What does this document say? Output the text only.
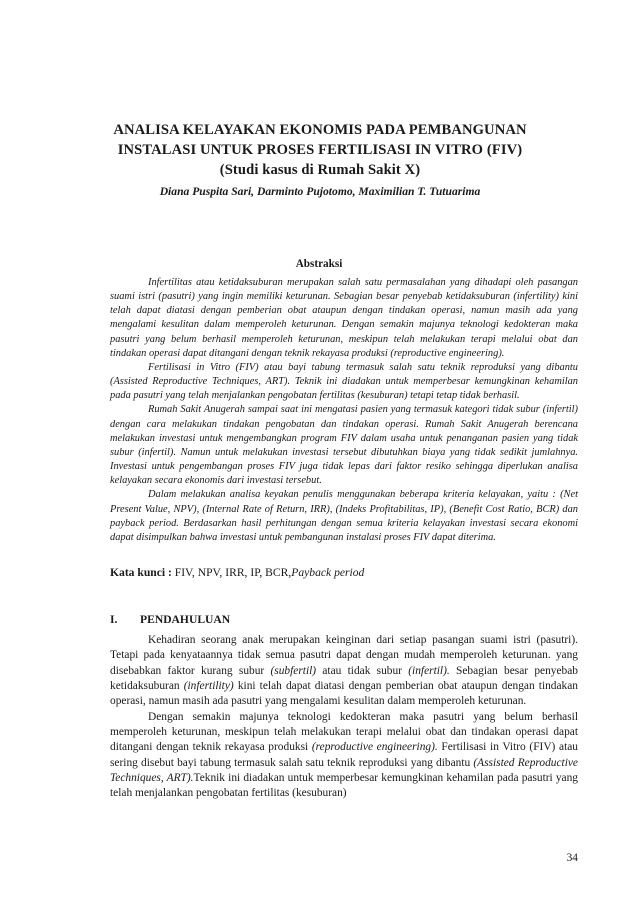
ANALISA KELAYAKAN EKONOMIS PADA PEMBANGUNAN
INSTALASI UNTUK PROSES FERTILISASI IN VITRO (FIV)
(Studi kasus di Rumah Sakit X)
Diana Puspita Sari, Darminto Pujotomo, Maximilian T. Tutuarima
Abstraksi

Infertilitas atau ketidaksuburan merupakan salah satu permasalahan yang dihadapi oleh pasangan suami istri (pasutri) yang ingin memiliki keturunan. Sebagian besar penyebab ketidaksuburan (infertility) kini telah dapat diatasi dengan pemberian obat ataupun dengan tindakan operasi, namun masih ada yang mengalami kesulitan dalam memperoleh keturunan. Dengan semakin majunya teknologi kedokteran maka pasutri yang belum berhasil memperoleh keturunan, meskipun telah melakukan terapi melalui obat dan tindakan operasi dapat ditangani dengan teknik rekayasa produksi (reproductive engineering).

Fertilisasi in Vitro (FIV) atau bayi tabung termasuk salah satu teknik reproduksi yang dibantu (Assisted Reproductive Techniques, ART). Teknik ini diadakan untuk memperbesar kemungkinan kehamilan pada pasutri yang telah menjalankan pengobatan fertilitas (kesuburan) tetapi tetap tidak berhasil.

Rumah Sakit Anugerah sampai saat ini mengatasi pasien yang termasuk kategori tidak subur (infertil) dengan cara melakukan tindakan pengobatan dan tindakan operasi. Rumah Sakit Anugerah berencana melakukan investasi untuk mengembangkan program FIV dalam usaha untuk penanganan pasien yang tidak subur (infertil). Namun untuk melakukan investasi tersebut dibutuhkan biaya yang tidak sedikit jumlahnya. Investasi untuk pengembangan proses FIV juga tidak lepas dari faktor resiko sehingga diperlukan analisa kelayakan secara ekonomis dari investasi tersebut.

Dalam melakukan analisa keyakan penulis menggunakan beberapa kriteria kelayakan, yaitu : (Net Present Value, NPV), (Internal Rate of Return, IRR), (Indeks Profitabilitas, IP), (Benefit Cost Ratio, BCR) dan payback period. Berdasarkan hasil perhitungan dengan semua kriteria kelayakan investasi secara ekonomi dapat disimpulkan bahwa investasi untuk pembangunan instalasi proses FIV dapat diterima.

Kata kunci : FIV, NPV, IRR, IP, BCR,Payback period
I. PENDAHULUAN

Kehadiran seorang anak merupakan keinginan dari setiap pasangan suami istri (pasutri). Tetapi pada kenyataannya tidak semua pasutri dapat dengan mudah memperoleh keturunan. yang disebabkan faktor kurang subur (subfertil) atau tidak subur (infertil). Sebagian besar penyebab ketidaksuburan (infertility) kini telah dapat diatasi dengan pemberian obat ataupun dengan tindakan operasi, namun masih ada pasutri yang mengalami kesulitan dalam memperoleh keturunan.

Dengan semakin majunya teknologi kedokteran maka pasutri yang belum berhasil memperoleh keturunan, meskipun telah melakukan terapi melalui obat dan tindakan operasi dapat ditangani dengan teknik rekayasa produksi (reproductive engineering). Fertilisasi in Vitro (FIV) atau sering disebut bayi tabung termasuk salah satu teknik reproduksi yang dibantu (Assisted Reproductive Techniques, ART).Teknik ini diadakan untuk memperbesar kemungkinan kehamilan pada pasutri yang telah menjalankan pengobatan fertilitas (kesuburan)

34
